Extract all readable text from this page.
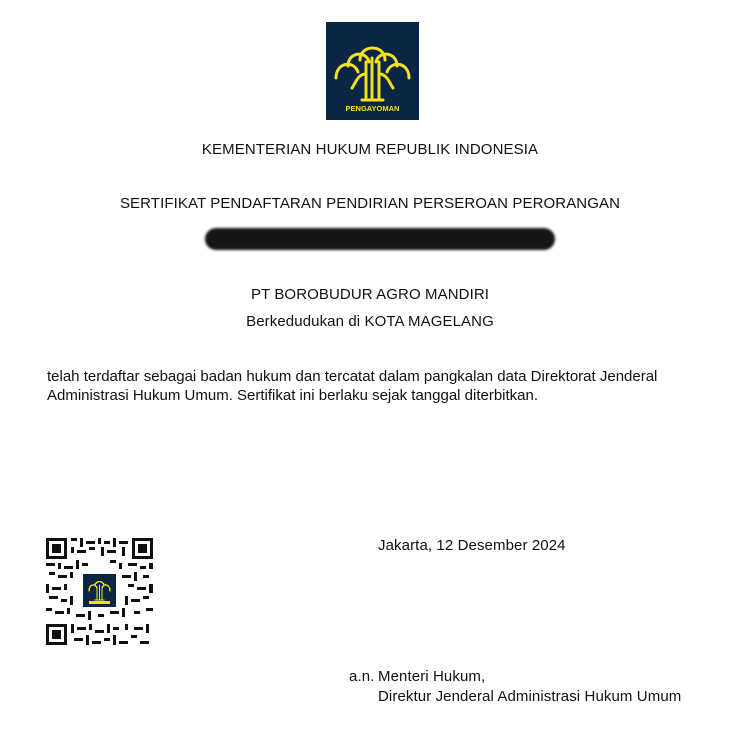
PENGAYOMAN
KEMENTERIAN HUKUM REPUBLIK INDONESIA
SERTIFIKAT PENDAFTARAN PENDIRIAN PERSEROAN PERORANGAN
PT BOROBUDUR AGRO MANDIRI
Berkedudukan di KOTA MAGELANG
telah terdaftar sebagai badan hukum dan tercatat dalam pangkalan data Direktorat Jenderal Administrasi Hukum Umum. Sertifikat ini berlaku sejak tanggal diterbitkan.
Jakarta, 12 Desember 2024
a.n. Menteri Hukum,
Direktur Jenderal Administrasi Hukum Umum
